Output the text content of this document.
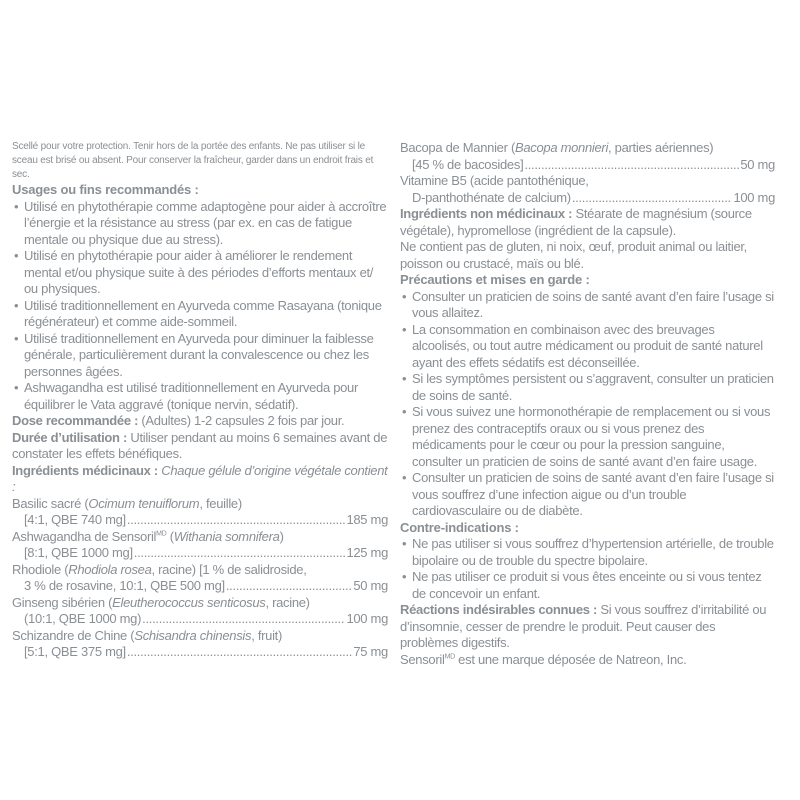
Scellé pour votre protection. Tenir hors de la portée des enfants. Ne pas utiliser si le sceau est brisé ou absent. Pour conserver la fraîcheur, garder dans un endroit frais et sec.

Usages ou fins recommandés :
• Utilisé en phytothérapie comme adaptogène pour aider à accroître l’énergie et la résistance au stress (par ex. en cas de fatigue mentale ou physique due au stress).
• Utilisé en phytothérapie pour aider à améliorer le rendement mental et/ou physique suite à des périodes d’efforts mentaux et/ ou physiques.
• Utilisé traditionnellement en Ayurveda comme Rasayana (tonique régénérateur) et comme aide-sommeil.
• Utilisé traditionnellement en Ayurveda pour diminuer la faiblesse générale, particulièrement durant la convalescence ou chez les personnes âgées.
• Ashwagandha est utilisé traditionnellement en Ayurveda pour équilibrer le Vata aggravé (tonique nervin, sédatif).

Dose recommandée : (Adultes) 1-2 capsules 2 fois par jour.

Durée d’utilisation : Utiliser pendant au moins 6 semaines avant de constater les effets bénéfiques.

Ingrédients médicinaux : Chaque gélule d’origine végétale contient :

Basilic sacré (Ocimum tenuiflorum, feuille)
[4:1, QBE 740 mg] .....	185 mg
Ashwagandha de Sensoril$^{MD}$ (Withania somnifera)
[8:1, QBE 1000 mg] .....	125 mg
Rhodiole (Rhodiola rosea, racine) [1 % de salidroside,
3 % de rosavine, 10:1, QBE 500 mg] .....	50 mg
Ginseng sibérien (Eleutherococcus senticosus, racine)
(10:1, QBE 1000 mg) .....	100 mg
Schizandre de Chine (Schisandra chinensis, fruit)
[5:1, QBE 375 mg] .....	75 mg
Bacopa de Mannier (Bacopa monnieri, parties aériennes)
[45 % de bacosides] .....	50 mg
Vitamine B5 (acide pantothénique,
D-panthothénate de calcium) .....	100 mg

Ingrédients non médicinaux : Stéarate de magnésium (source végétale), hypromellose (ingrédient de la capsule).

Ne contient pas de gluten, ni noix, œuf, produit animal ou laitier, poisson ou crustacé, maïs ou blé.

Précautions et mises en garde :
• Consulter un praticien de soins de santé avant d’en faire l’usage si vous allaitez.
• La consommation en combinaison avec des breuvages alcoolisés, ou tout autre médicament ou produit de santé naturel ayant des effets sédatifs est déconseillée.
• Si les symptômes persistent ou s’aggravent, consulter un praticien de soins de santé.
• Si vous suivez une hormonothérapie de remplacement ou si vous prenez des contraceptifs oraux ou si vous prenez des médicaments pour le cœur ou pour la pression sanguine, consulter un praticien de soins de santé avant d’en faire usage.
• Consulter un praticien de soins de santé avant d’en faire l’usage si vous souffrez d’une infection aigue ou d’un trouble cardiovasculaire ou de diabète.
Contre-indications :
• Ne pas utiliser si vous souffrez d’hypertension artérielle, de trouble bipolaire ou de trouble du spectre bipolaire.
• Ne pas utiliser ce produit si vous êtes enceinte ou si vous tentez de concevoir un enfant.

Réactions indésirables connues : Si vous souffrez d’irritabilité ou d’insomnie, cesser de prendre le produit. Peut causer des problèmes digestifs.

Sensoril$^{MD}$ est une marque déposée de Natreon, Inc.
